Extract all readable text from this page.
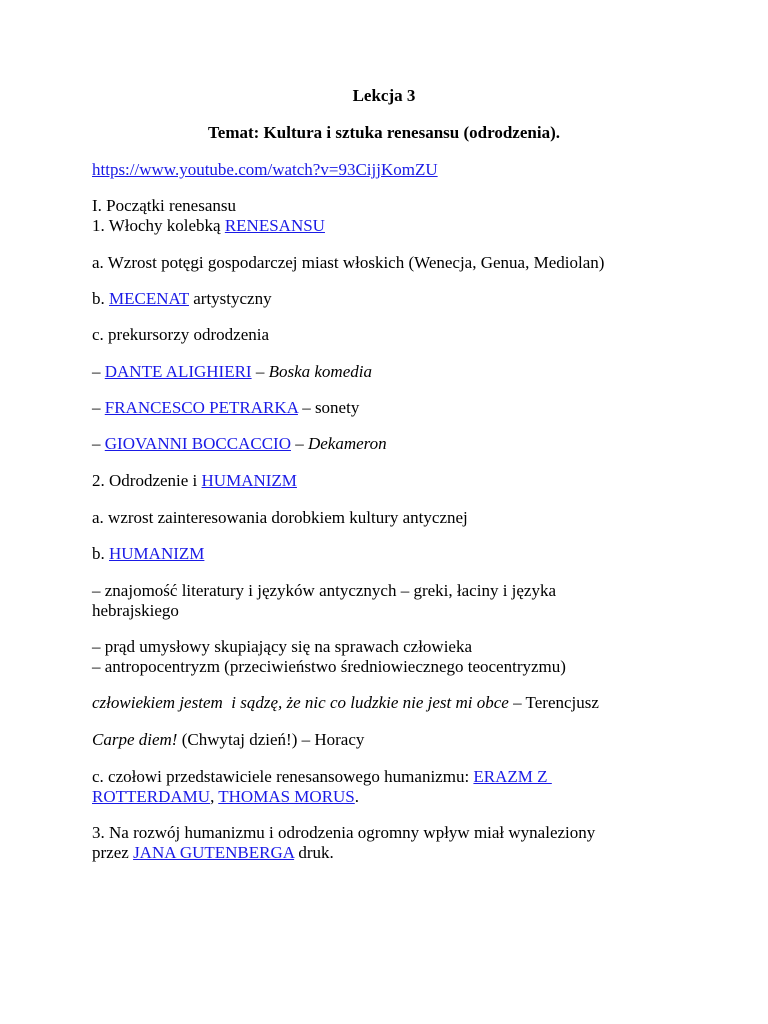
Lekcja 3
Temat: Kultura i sztuka renesansu (odrodzenia).
https://www.youtube.com/watch?v=93CijjKomZU
I. Początki renesansu
1. Włochy kolebką RENESANSU
a. Wzrost potęgi gospodarczej miast włoskich (Wenecja, Genua, Mediolan)
b. MECENAT artystyczny
c. prekursorzy odrodzenia
– DANTE ALIGHIERI – Boska komedia
– FRANCESCO PETRARKA – sonety
– GIOVANNI BOCCACCIO – Dekameron
2. Odrodzenie i HUMANIZM
a. wzrost zainteresowania dorobkiem kultury antycznej
b. HUMANIZM
– znajomość literatury i języków antycznych – greki, łaciny i języka
hebrajskiego
– prąd umysłowy skupiający się na sprawach człowieka
– antropocentryzm (przeciwieństwo średniowiecznego teocentryzmu)
człowiekiem jestem  i sądzę, że nic co ludzkie nie jest mi obce – Terencjusz
Carpe diem! (Chwytaj dzień!) – Horacy
c. czołowi przedstawiciele renesansowego humanizmu: ERAZM Z
ROTTERDAMU, THOMAS MORUS.
3. Na rozwój humanizmu i odrodzenia ogromny wpływ miał wynaleziony
przez JANA GUTENBERGA druk.
